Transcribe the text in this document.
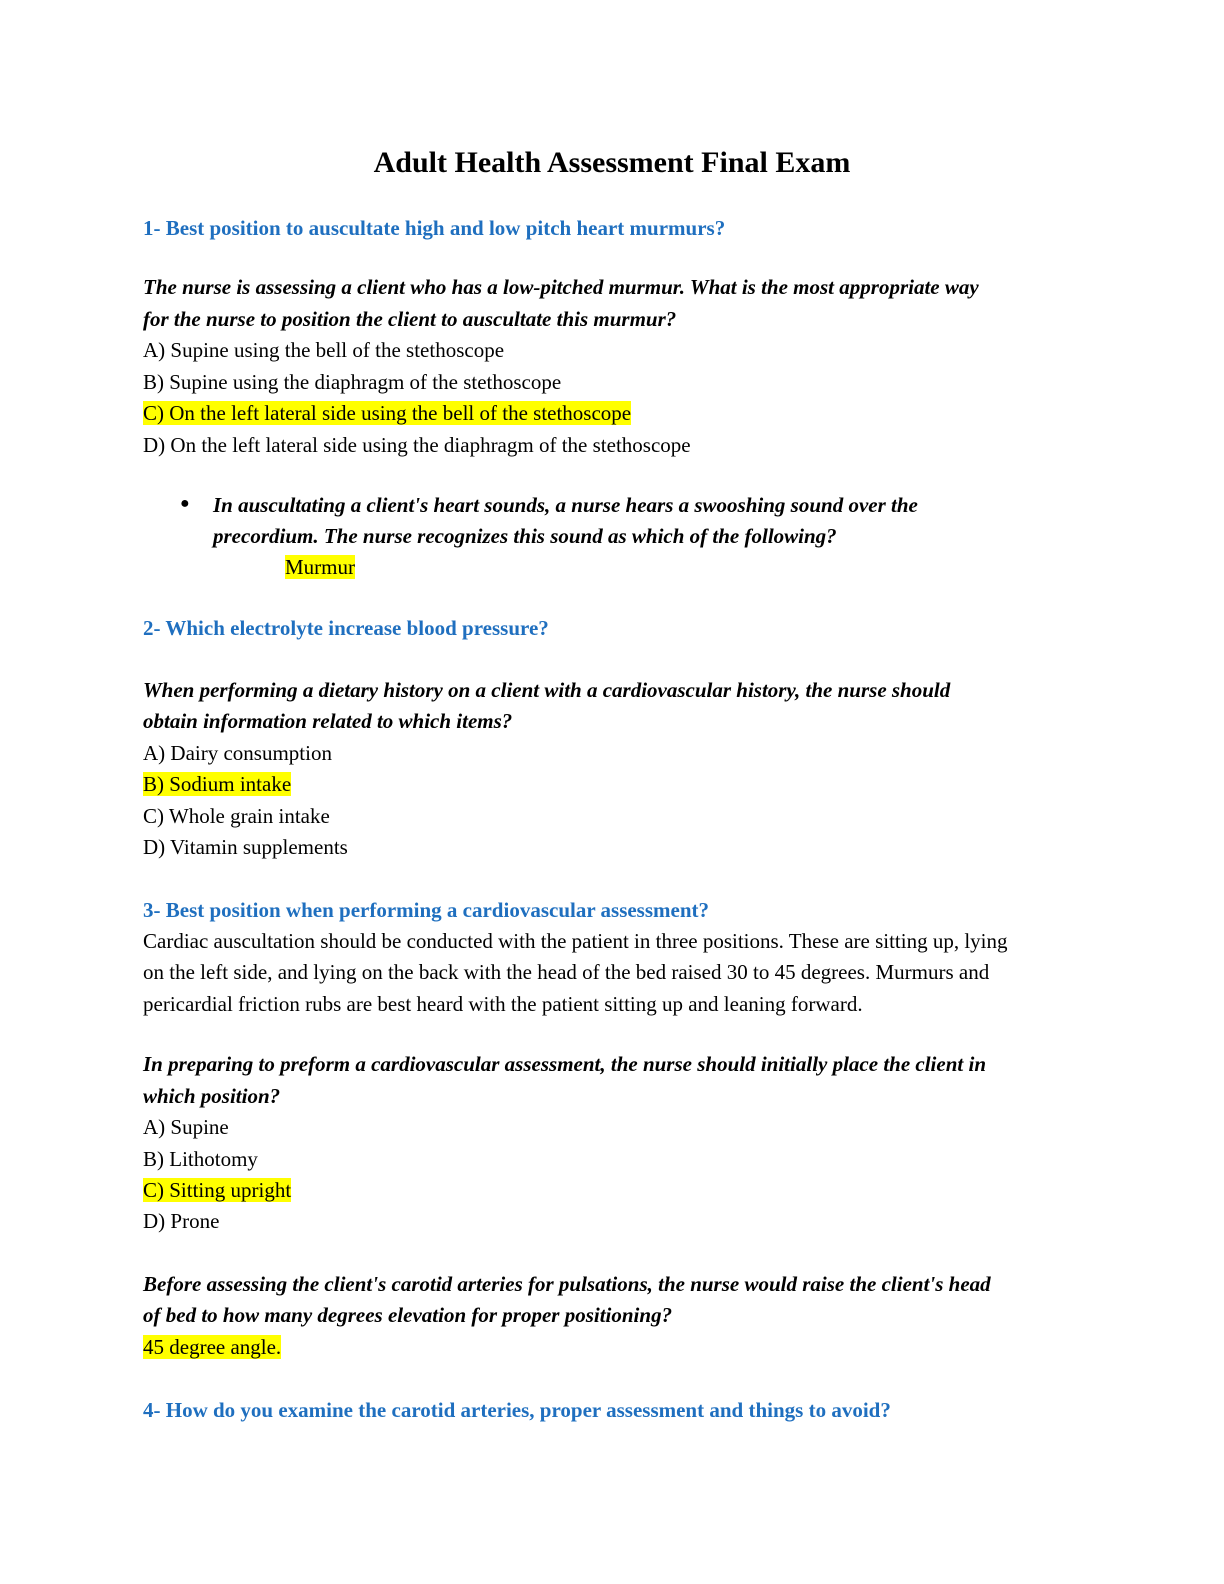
Adult Health Assessment Final Exam
1- Best position to auscultate high and low pitch heart murmurs?
The nurse is assessing a client who has a low-pitched murmur. What is the most appropriate way
for the nurse to position the client to auscultate this murmur?
A) Supine using the bell of the stethoscope
B) Supine using the diaphragm of the stethoscope
C) On the left lateral side using the bell of the stethoscope
D) On the left lateral side using the diaphragm of the stethoscope
● In auscultating a client's heart sounds, a nurse hears a swooshing sound over the
precordium. The nurse recognizes this sound as which of the following?
Murmur
2- Which electrolyte increase blood pressure?
When performing a dietary history on a client with a cardiovascular history, the nurse should
obtain information related to which items?
A) Dairy consumption
B) Sodium intake
C) Whole grain intake
D) Vitamin supplements
3- Best position when performing a cardiovascular assessment?
Cardiac auscultation should be conducted with the patient in three positions. These are sitting up, lying
on the left side, and lying on the back with the head of the bed raised 30 to 45 degrees. Murmurs and
pericardial friction rubs are best heard with the patient sitting up and leaning forward.
In preparing to preform a cardiovascular assessment, the nurse should initially place the client in
which position?
A) Supine
B) Lithotomy
C) Sitting upright
D) Prone
Before assessing the client's carotid arteries for pulsations, the nurse would raise the client's head
of bed to how many degrees elevation for proper positioning?
45 degree angle.
4- How do you examine the carotid arteries, proper assessment and things to avoid?
